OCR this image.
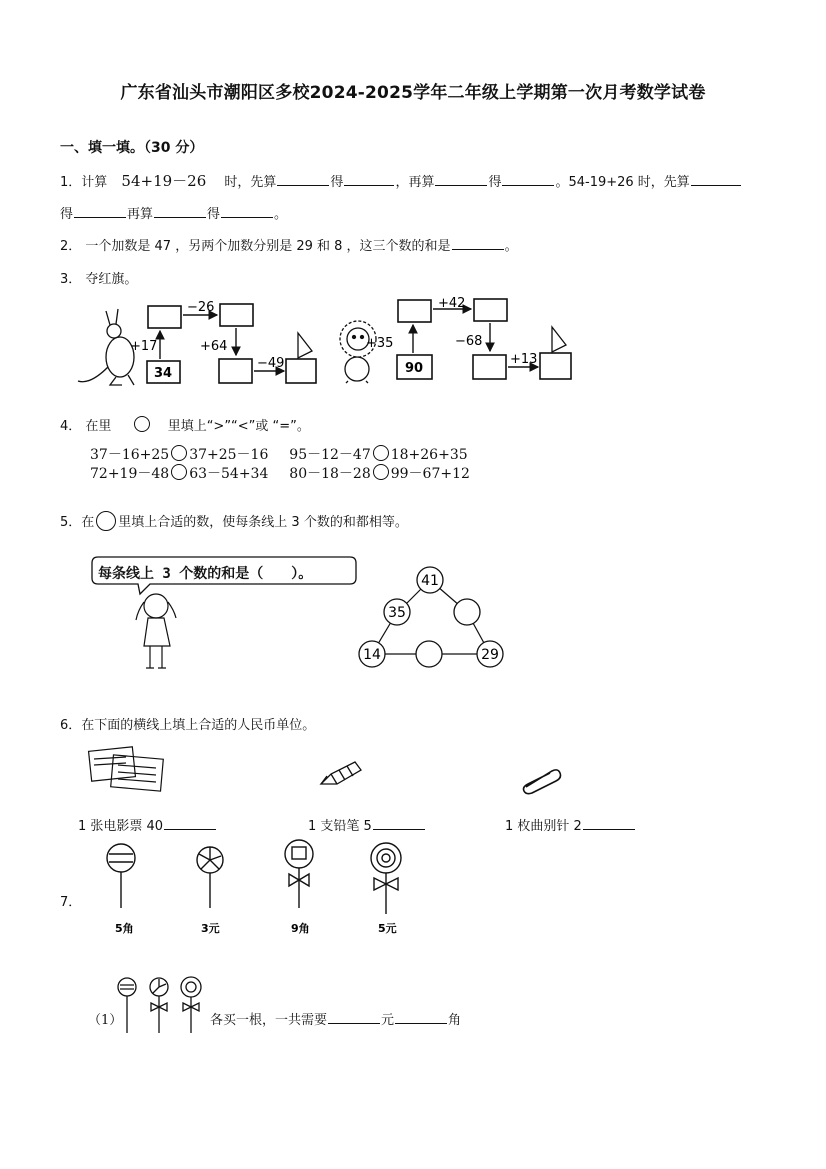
广东省汕头市潮阳区多校2024-2025学年二年级上学期第一次月考数学试卷
一、填一填。（30 分）
1．计算 54+19－26 时，先算	得	，再算	得	。54-19+26 时，先算
得	再算	得	。
2． 一个加数是 47 ，另两个加数分别是 29 和 8 ，这三个数的和是	。
3． 夺红旗。
34
+17
−26
+64
−49	90
+35
+42
−68
+13
4． 在里	里填上“>”“<”或 “=”。
37－16+25 37+25－16 95－12－47 18+26+35
72+19－48 63－54+34 80－18－28 99－67+12
5．在 里填上合适的数，使每条线上 3 个数的和都相等。
每条线上 3 个数的和是（　　）。	41
35
14	29
6．在下面的横线上填上合适的人民币单位。
1 张电影票 40	1 支铅笔 5	1 枚曲别针 2
7．
5角	3元	9角	5元
（1）	各买一根，一共需要	元	角
